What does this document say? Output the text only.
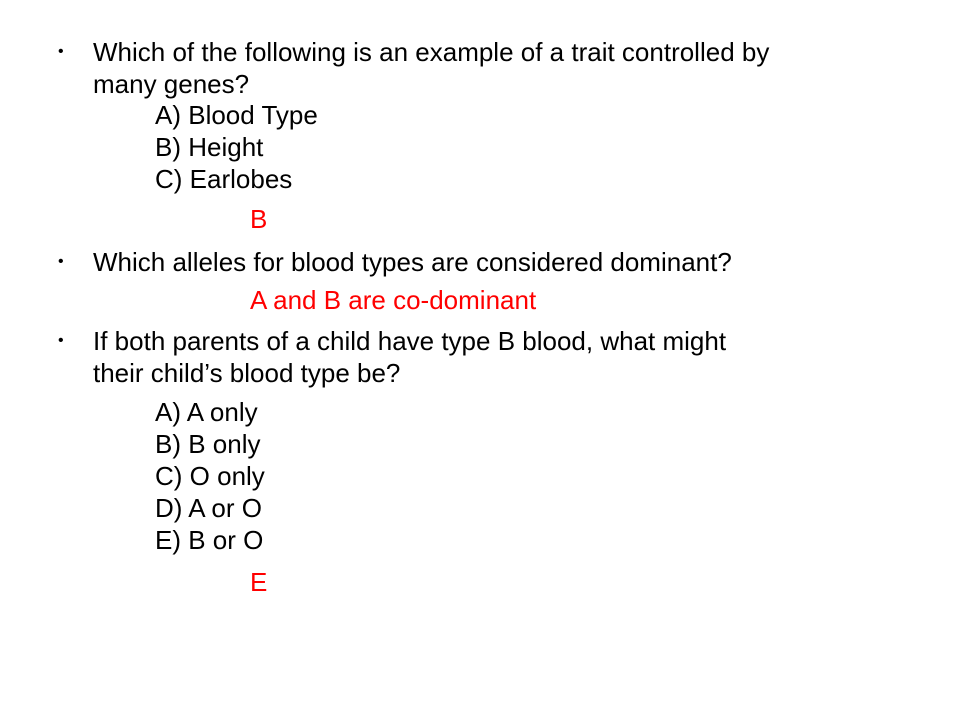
• Which of the following is an example of a trait controlled by
many genes?
A) Blood Type
B) Height
C) Earlobes
B
• Which alleles for blood types are considered dominant?
A and B are co-dominant
• If both parents of a child have type B blood, what might
their child’s blood type be?
A) A only
B) B only
C) O only
D) A or O
E) B or O
E
